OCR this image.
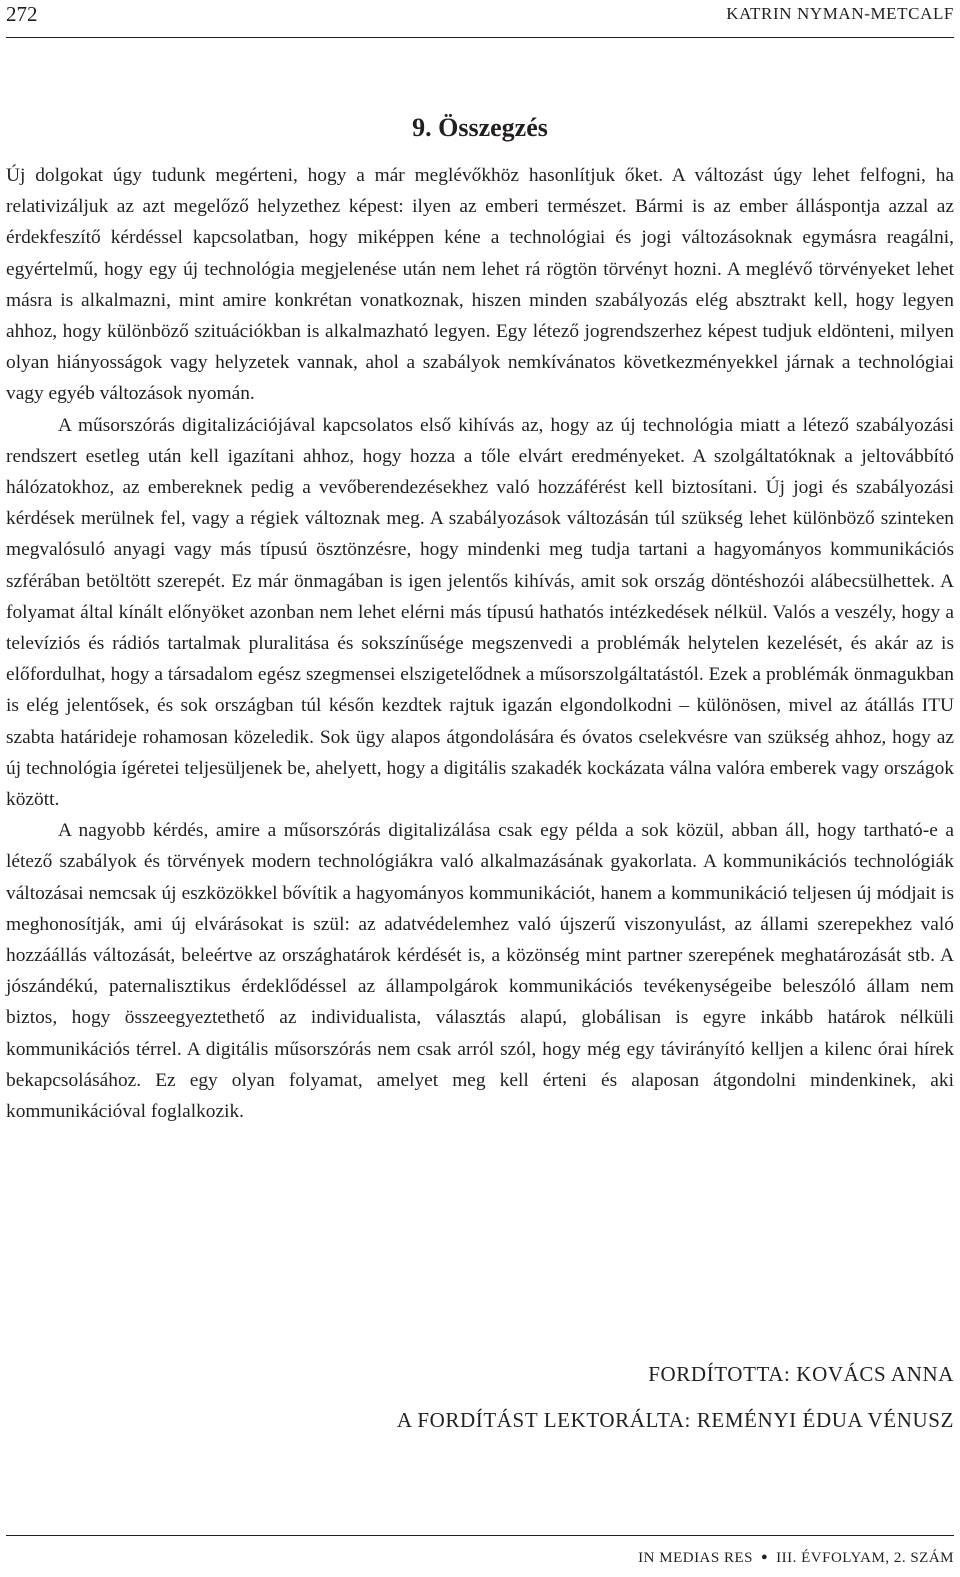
272	KATRIN NYMAN-METCALF
9. Összegzés

Új dolgokat úgy tudunk megérteni, hogy a már meglévőkhöz hasonlítjuk őket. A változást úgy lehet felfogni, ha relativizáljuk az azt megelőző helyzethez képest: ilyen az emberi természet. Bármi is az ember álláspontja azzal az érdekfeszítő kérdéssel kapcsolatban, hogy miképpen kéne a technológiai és jogi változásoknak egymásra reagálni, egyértelmű, hogy egy új technológia megjelenése után nem lehet rá rögtön törvényt hozni. A meglévő törvényeket lehet másra is alkalmazni, mint amire konkrétan vonatkoznak, hiszen minden szabályozás elég absztrakt kell, hogy legyen ahhoz, hogy különböző szituációkban is alkalmazható legyen. Egy létező jogrendszerhez képest tudjuk eldönteni, milyen olyan hiányosságok vagy helyzetek vannak, ahol a szabályok nemkívánatos következményekkel járnak a technológiai vagy egyéb változások nyomán.

A műsorszórás digitalizációjával kapcsolatos első kihívás az, hogy az új technológia miatt a létező szabályozási rendszert esetleg után kell igazítani ahhoz, hogy hozza a tőle elvárt eredményeket. A szolgáltatóknak a jeltovábbító hálózatokhoz, az embereknek pedig a vevőberendezésekhez való hozzáférést kell biztosítani. Új jogi és szabályozási kérdések merülnek fel, vagy a régiek változnak meg. A szabályozások változásán túl szükség lehet különböző szinteken megvalósuló anyagi vagy más típusú ösztönzésre, hogy mindenki meg tudja tartani a hagyományos kommunikációs szférában betöltött szerepét. Ez már önmagában is igen jelentős kihívás, amit sok ország döntéshozói alábecsülhettek. A folyamat által kínált előnyöket azonban nem lehet elérni más típusú hathatós intézkedések nélkül. Valós a veszély, hogy a televíziós és rádiós tartalmak pluralitása és sokszínűsége megszenvedi a problémák helytelen kezelését, és akár az is előfordulhat, hogy a társadalom egész szegmensei elszigetelődnek a műsorszolgáltatástól. Ezek a problémák önmagukban is elég jelentősek, és sok országban túl későn kezdtek rajtuk igazán elgondolkodni – különösen, mivel az átállás ITU szabta határideje rohamosan közeledik. Sok ügy alapos átgondolására és óvatos cselekvésre van szükség ahhoz, hogy az új technológia ígéretei teljesüljenek be, ahelyett, hogy a digitális szakadék kockázata válna valóra emberek vagy országok között.

A nagyobb kérdés, amire a műsorszórás digitalizálása csak egy példa a sok közül, abban áll, hogy tartható-e a létező szabályok és törvények modern technológiákra való alkalmazásának gyakorlata. A kommunikációs technológiák változásai nemcsak új eszközökkel bővítik a hagyományos kommunikációt, hanem a kommunikáció teljesen új módjait is meghonosítják, ami új elvárásokat is szül: az adatvédelemhez való újszerű viszonyulást, az állami szerepekhez való hozzáállás változását, beleértve az országhatárok kérdését is, a közönség mint partner szerepének meghatározását stb. A jószándékú, paternalisztikus érdeklődéssel az állampolgárok kommunikációs tevékenységeibe beleszóló állam nem biztos, hogy összeegyeztethető az individualista, választás alapú, globálisan is egyre inkább határok nélküli kommunikációs térrel. A digitális műsorszórás nem csak arról szól, hogy még egy távirányító kelljen a kilenc órai hírek bekapcsolásához. Ez egy olyan folyamat, amelyet meg kell érteni és alaposan átgondolni mindenkinek, aki kommunikációval foglalkozik.

FORDÍTOTTA: KOVÁCS ANNA
A FORDÍTÁST LEKTORÁLTA: REMÉNYI ÉDUA VÉNUSZ
IN MEDIAS RES ● III. ÉVFOLYAM, 2. SZÁM
